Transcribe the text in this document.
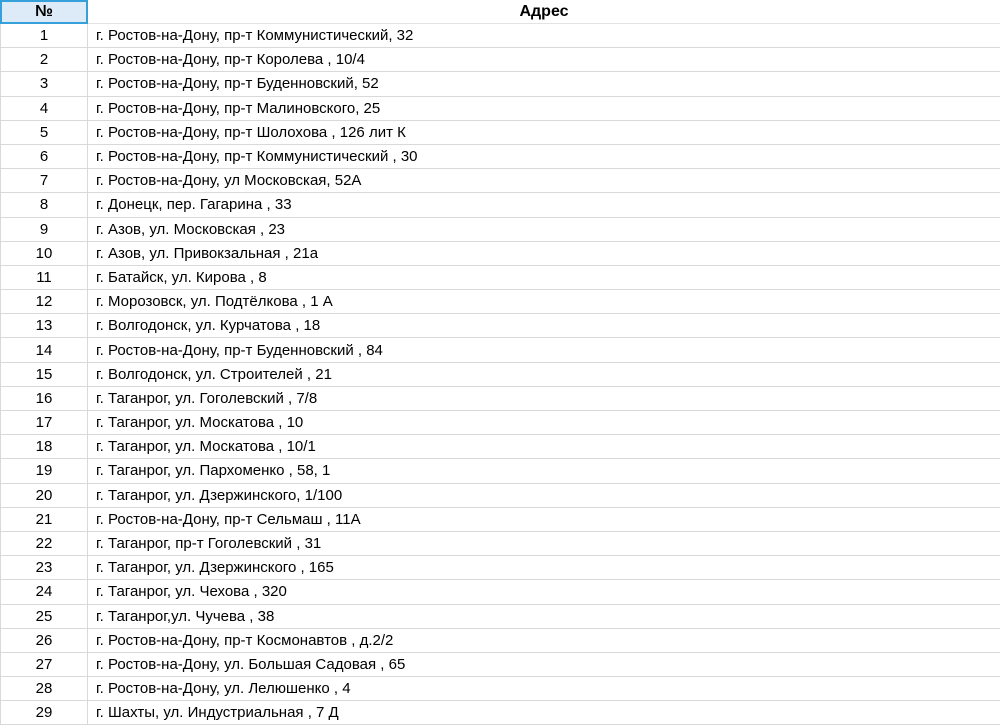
№	Адрес
1	г. Ростов-на-Дону, пр-т Коммунистический, 32
2	г. Ростов-на-Дону, пр-т Королева , 10/4
3	г. Ростов-на-Дону, пр-т Буденновский, 52
4	г. Ростов-на-Дону, пр-т Малиновского, 25
5	г. Ростов-на-Дону, пр-т Шолохова , 126 лит К
6	г. Ростов-на-Дону, пр-т Коммунистический , 30
7	г. Ростов-на-Дону, ул Московская, 52А
8	г. Донецк, пер. Гагарина , 33
9	г. Азов, ул. Московская , 23
10	г. Азов, ул. Привокзальная , 21а
11	г. Батайск, ул. Кирова , 8
12	г. Морозовск, ул. Подтёлкова , 1 А
13	г. Волгодонск, ул. Курчатова , 18
14	г. Ростов-на-Дону, пр-т Буденновский , 84
15	г. Волгодонск, ул. Строителей , 21
16	г. Таганрог, ул. Гоголевский , 7/8
17	г. Таганрог, ул. Москатова , 10
18	г. Таганрог, ул. Москатова , 10/1
19	г. Таганрог, ул. Пархоменко , 58, 1
20	г. Таганрог, ул. Дзержинского, 1/100
21	г. Ростов-на-Дону, пр-т Сельмаш , 11А
22	г. Таганрог, пр-т Гоголевский , 31
23	г. Таганрог, ул. Дзержинского , 165
24	г. Таганрог, ул. Чехова , 320
25	г. Таганрог,ул. Чучева , 38
26	г. Ростов-на-Дону, пр-т Космонавтов , д.2/2
27	г. Ростов-на-Дону, ул. Большая Садовая , 65
28	г. Ростов-на-Дону, ул. Лелюшенко , 4
29	г. Шахты, ул. Индустриальная , 7 Д
